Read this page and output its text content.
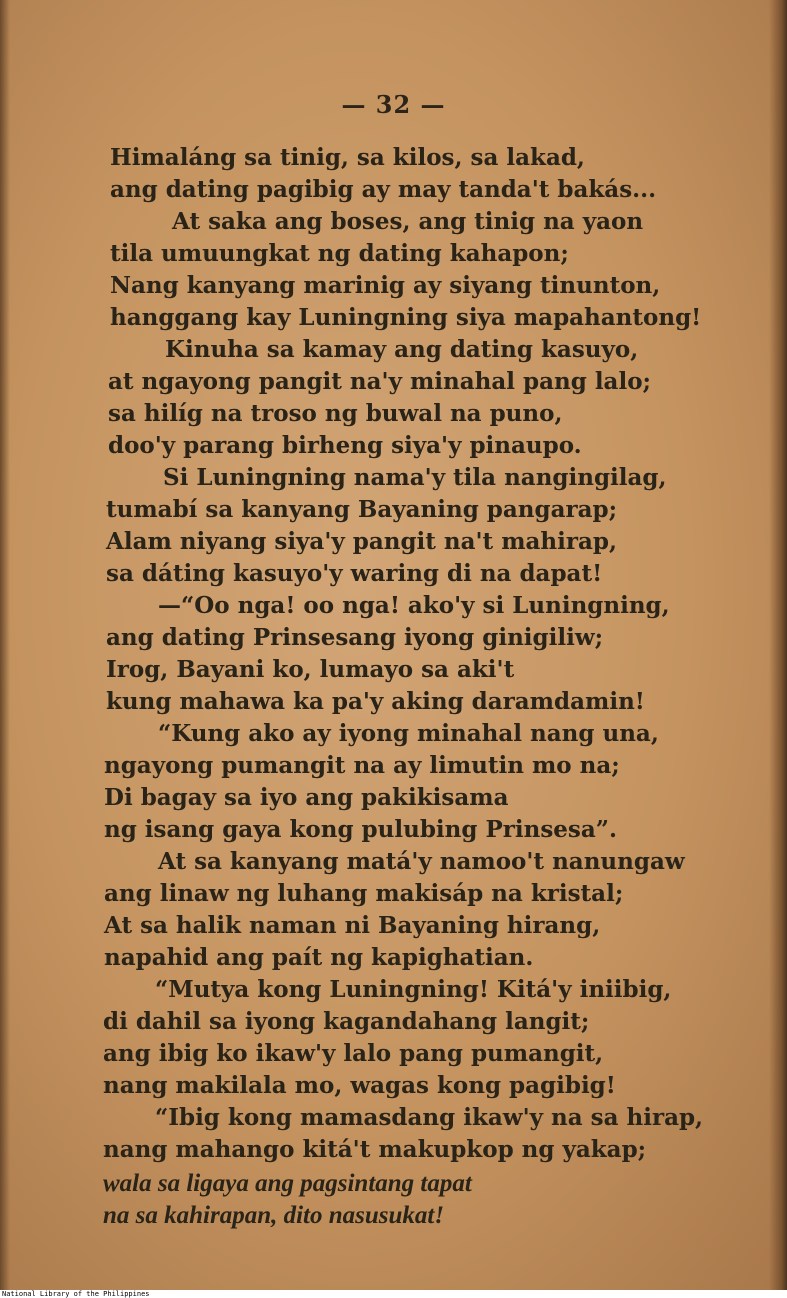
— 32 —
Himaláng sa tinig, sa kilos, sa lakad,
ang dating pagibig ay may tanda't bakás...
At saka ang boses, ang tinig na yaon
tila umuungkat ng dating kahapon;
Nang kanyang marinig ay siyang tinunton,
hanggang kay Luningning siya mapahantong!
Kinuha sa kamay ang dating kasuyo,
at ngayong pangit na'y minahal pang lalo;
sa hilíg na troso ng buwal na puno,
doo'y parang birheng siya'y pinaupo.
Si Luningning nama'y tila nangingilag,
tumabí sa kanyang Bayaning pangarap;
Alam niyang siya'y pangit na't mahirap,
sa dáting kasuyo'y waring di na dapat!
—“Oo nga! oo nga! ako'y si Luningning,
ang dating Prinsesang iyong ginigiliw;
Irog, Bayani ko, lumayo sa aki't
kung mahawa ka pa'y aking daramdamin!
“Kung ako ay iyong minahal nang una,
ngayong pumangit na ay limutin mo na;
Di bagay sa iyo ang pakikisama
ng isang gaya kong pulubing Prinsesa”.
At sa kanyang matá'y namoo't nanungaw
ang linaw ng luhang makisáp na kristal;
At sa halik naman ni Bayaning hirang,
napahid ang paít ng kapighatian.
“Mutya kong Luningning! Kitá'y iniibig,
di dahil sa iyong kagandahang langit;
ang ibig ko ikaw'y lalo pang pumangit,
nang makilala mo, wagas kong pagibig!
“Ibig kong mamasdang ikaw'y na sa hirap,
nang mahango kitá't makupkop ng yakap;
wala sa ligaya ang pagsintang tapat
na sa kahirapan, dito nasusukat!
National Library of the Philippines
